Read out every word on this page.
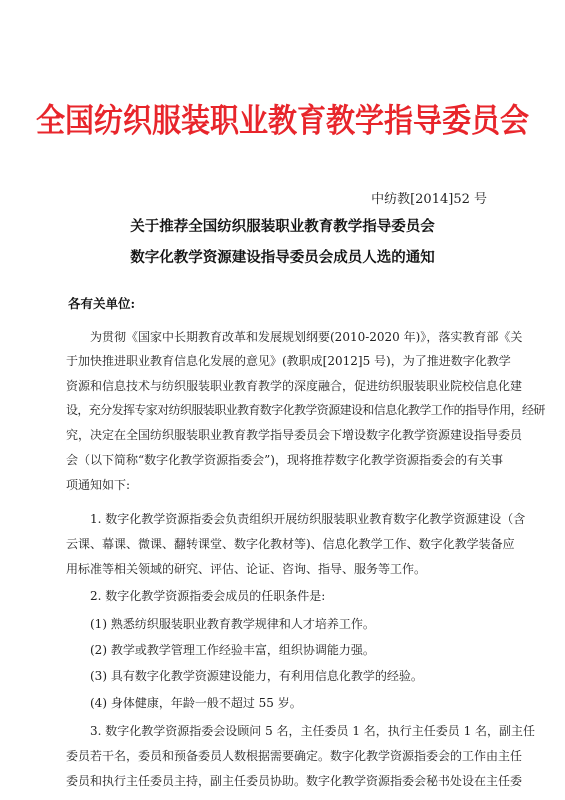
全国纺织服装职业教育教学指导委员会
中纺教[2014]52 号
关于推荐全国纺织服装职业教育教学指导委员会
数字化教学资源建设指导委员会成员人选的通知
各有关单位:
为贯彻《国家中长期教育改革和发展规划纲要(2010-2020 年)》，落实教育部《关
于加快推进职业教育信息化发展的意见》(教职成[2012]5 号)，为了推进数字化教学
资源和信息技术与纺织服装职业教育教学的深度融合，促进纺织服装职业院校信息化建
设，充分发挥专家对纺织服装职业教育数字化教学资源建设和信息化教学工作的指导作用，经研
究，决定在全国纺织服装职业教育教学指导委员会下增设数字化教学资源建设指导委员
会（以下简称“数字化教学资源指委会”)，现将推荐数字化教学资源指委会的有关事
项通知如下:
1. 数字化教学资源指委会负责组织开展纺织服装职业教育数字化教学资源建设（含
云课、幕课、微课、翻转课堂、数字化教材等)、信息化教学工作、数字化教学装备应
用标准等相关领域的研究、评估、论证、咨询、指导、服务等工作。
2. 数字化教学资源指委会成员的任职条件是:
(1) 熟悉纺织服装职业教育教学规律和人才培养工作。
(2) 教学或教学管理工作经验丰富，组织协调能力强。
(3) 具有数字化教学资源建设能力，有利用信息化教学的经验。
(4) 身体健康，年龄一般不超过 55 岁。
3. 数字化教学资源指委会设顾问 5 名，主任委员 1 名，执行主任委员 1 名，副主任
委员若干名，委员和预备委员人数根据需要确定。数字化教学资源指委会的工作由主任
委员和执行主任委员主持，副主任委员协助。数字化教学资源指委会秘书处设在主任委
